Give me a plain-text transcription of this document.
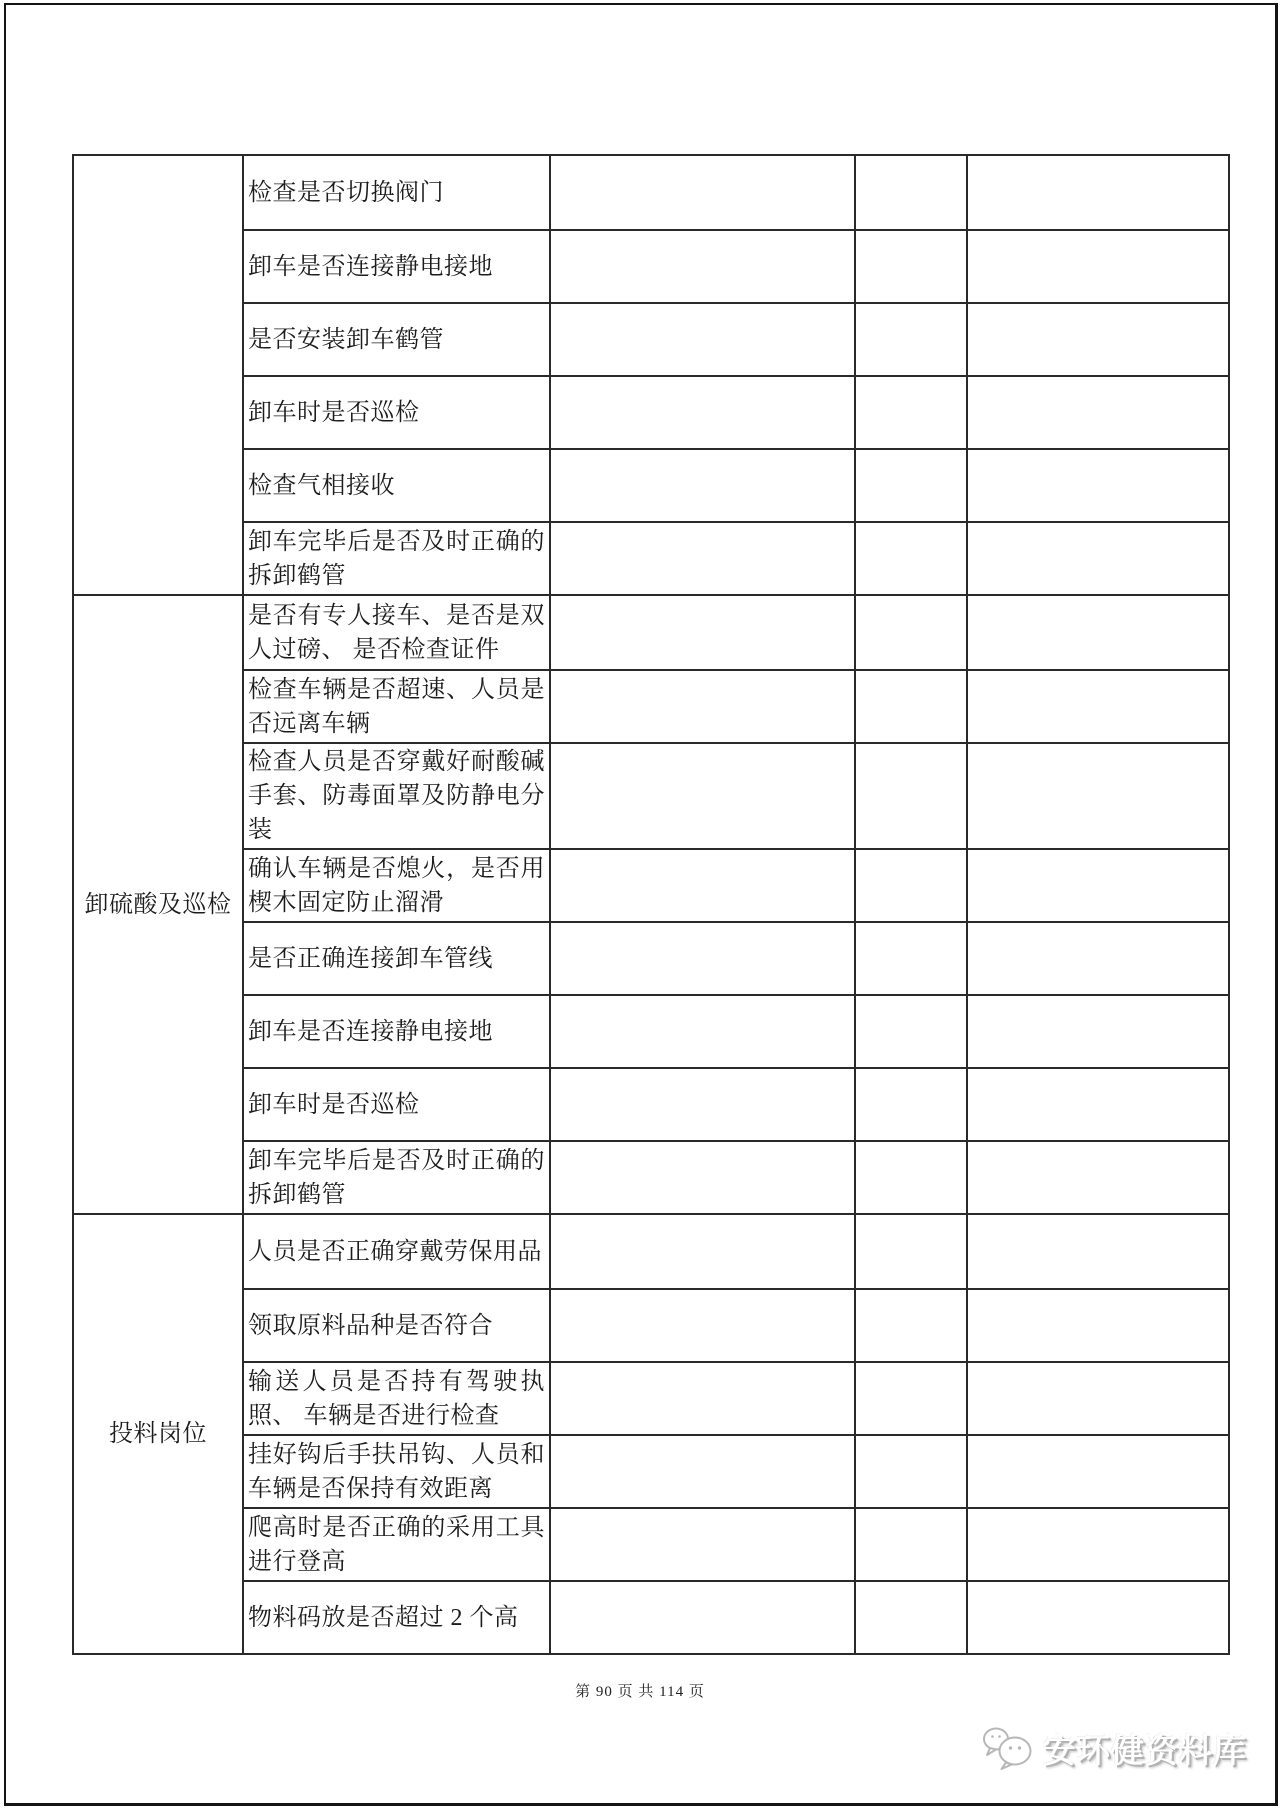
检查是否切换阀门
卸车是否连接静电接地
是否安装卸车鹤管
卸车时是否巡检
检查气相接收
卸车完毕后是否及时正确的拆卸鹤管
卸硫酸及巡检
是否有专人接车、是否是双人过磅、 是否检查证件
检查车辆是否超速、人员是否远离车辆
检查人员是否穿戴好耐酸碱手套、防毒面罩及防静电分装
确认车辆是否熄火，是否用楔木固定防止溜滑
是否正确连接卸车管线
卸车是否连接静电接地
卸车时是否巡检
卸车完毕后是否及时正确的拆卸鹤管
投料岗位
人员是否正确穿戴劳保用品
领取原料品种是否符合
输送人员是否持有驾驶执照、 车辆是否进行检查
挂好钩后手扶吊钩、人员和车辆是否保持有效距离
爬高时是否正确的采用工具进行登高
物料码放是否超过 2 个高
第 90 页 共 114 页
安环健资料库
